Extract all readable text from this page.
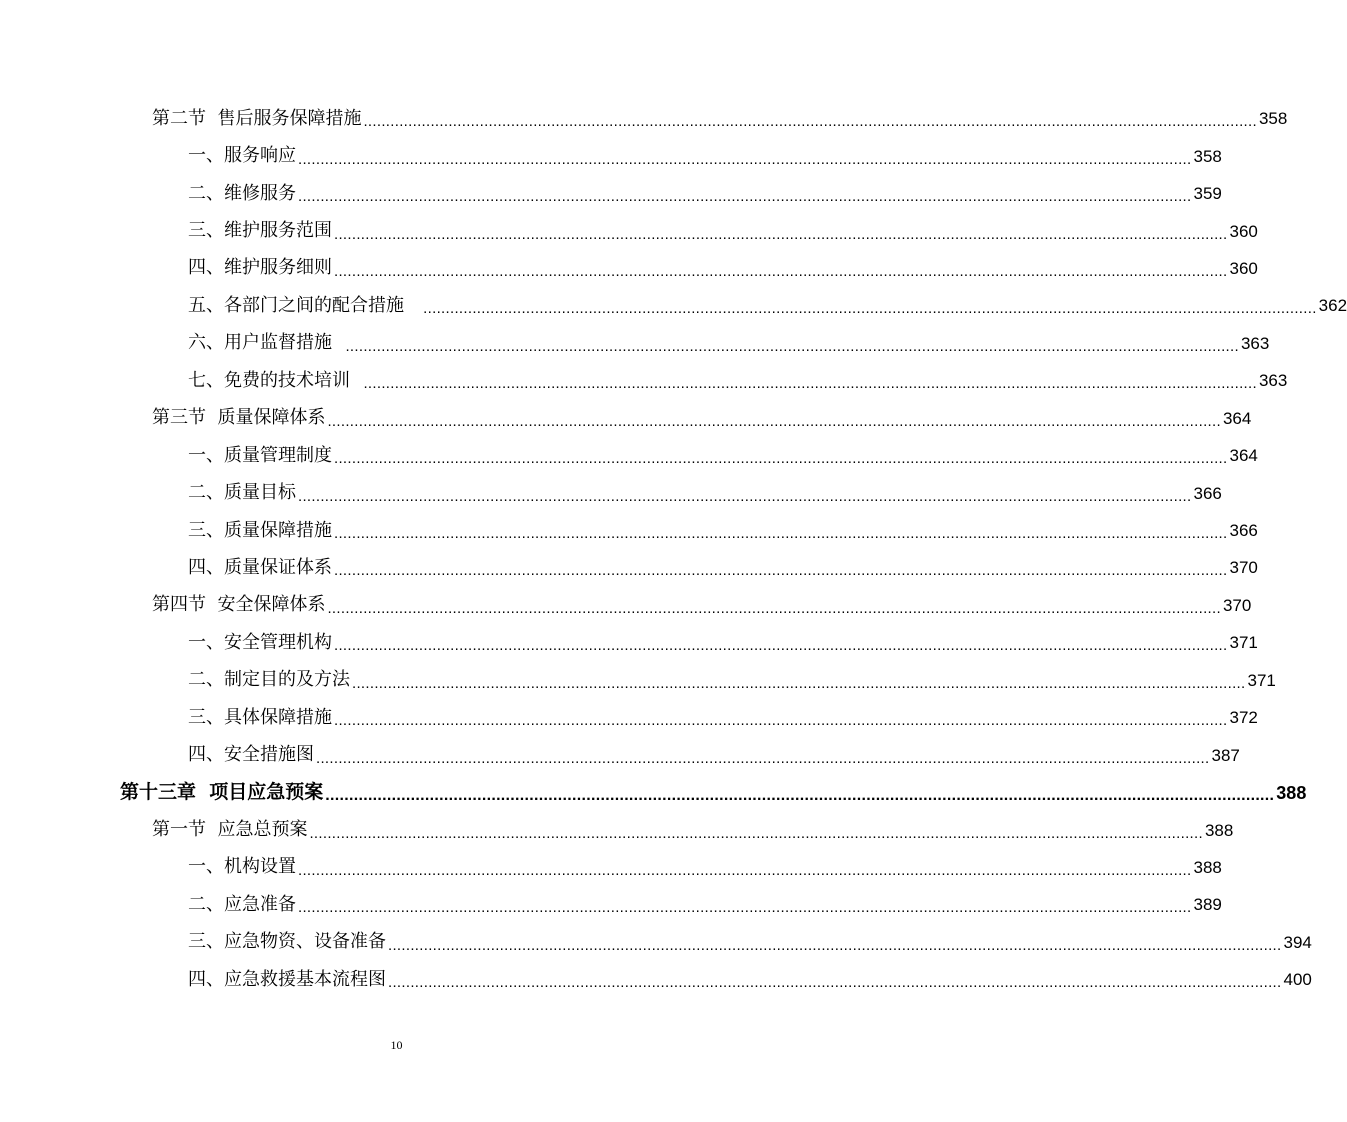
第二节  售后服务保障措施 ........................................................................................................................................................................................................ 358
一、服务响应 ........................................................................................................................................................................................................ 358
二、维修服务 ........................................................................................................................................................................................................ 359
三、维护服务范围 ........................................................................................................................................................................................................ 360
四、维护服务细则 ........................................................................................................................................................................................................ 360
五、各部门之间的配合措施 ........................................................................................................................................................................................................ 362
六、用户监督措施 ........................................................................................................................................................................................................ 363
七、免费的技术培训 ........................................................................................................................................................................................................ 363
第三节  质量保障体系 ........................................................................................................................................................................................................ 364
一、质量管理制度 ........................................................................................................................................................................................................ 364
二、质量目标 ........................................................................................................................................................................................................ 366
三、质量保障措施 ........................................................................................................................................................................................................ 366
四、质量保证体系 ........................................................................................................................................................................................................ 370
第四节  安全保障体系 ........................................................................................................................................................................................................ 370
一、安全管理机构 ........................................................................................................................................................................................................ 371
二、制定目的及方法 ........................................................................................................................................................................................................ 371
三、具体保障措施 ........................................................................................................................................................................................................ 372
四、安全措施图 ........................................................................................................................................................................................................ 387
第十三章  项目应急预案 ........................................................................................................................................................................................................ 388
第一节  应急总预案 ........................................................................................................................................................................................................ 388
一、机构设置 ........................................................................................................................................................................................................ 388
二、应急准备 ........................................................................................................................................................................................................ 389
三、应急物资、设备准备 ........................................................................................................................................................................................................ 394
四、应急救援基本流程图 ........................................................................................................................................................................................................ 400
10
